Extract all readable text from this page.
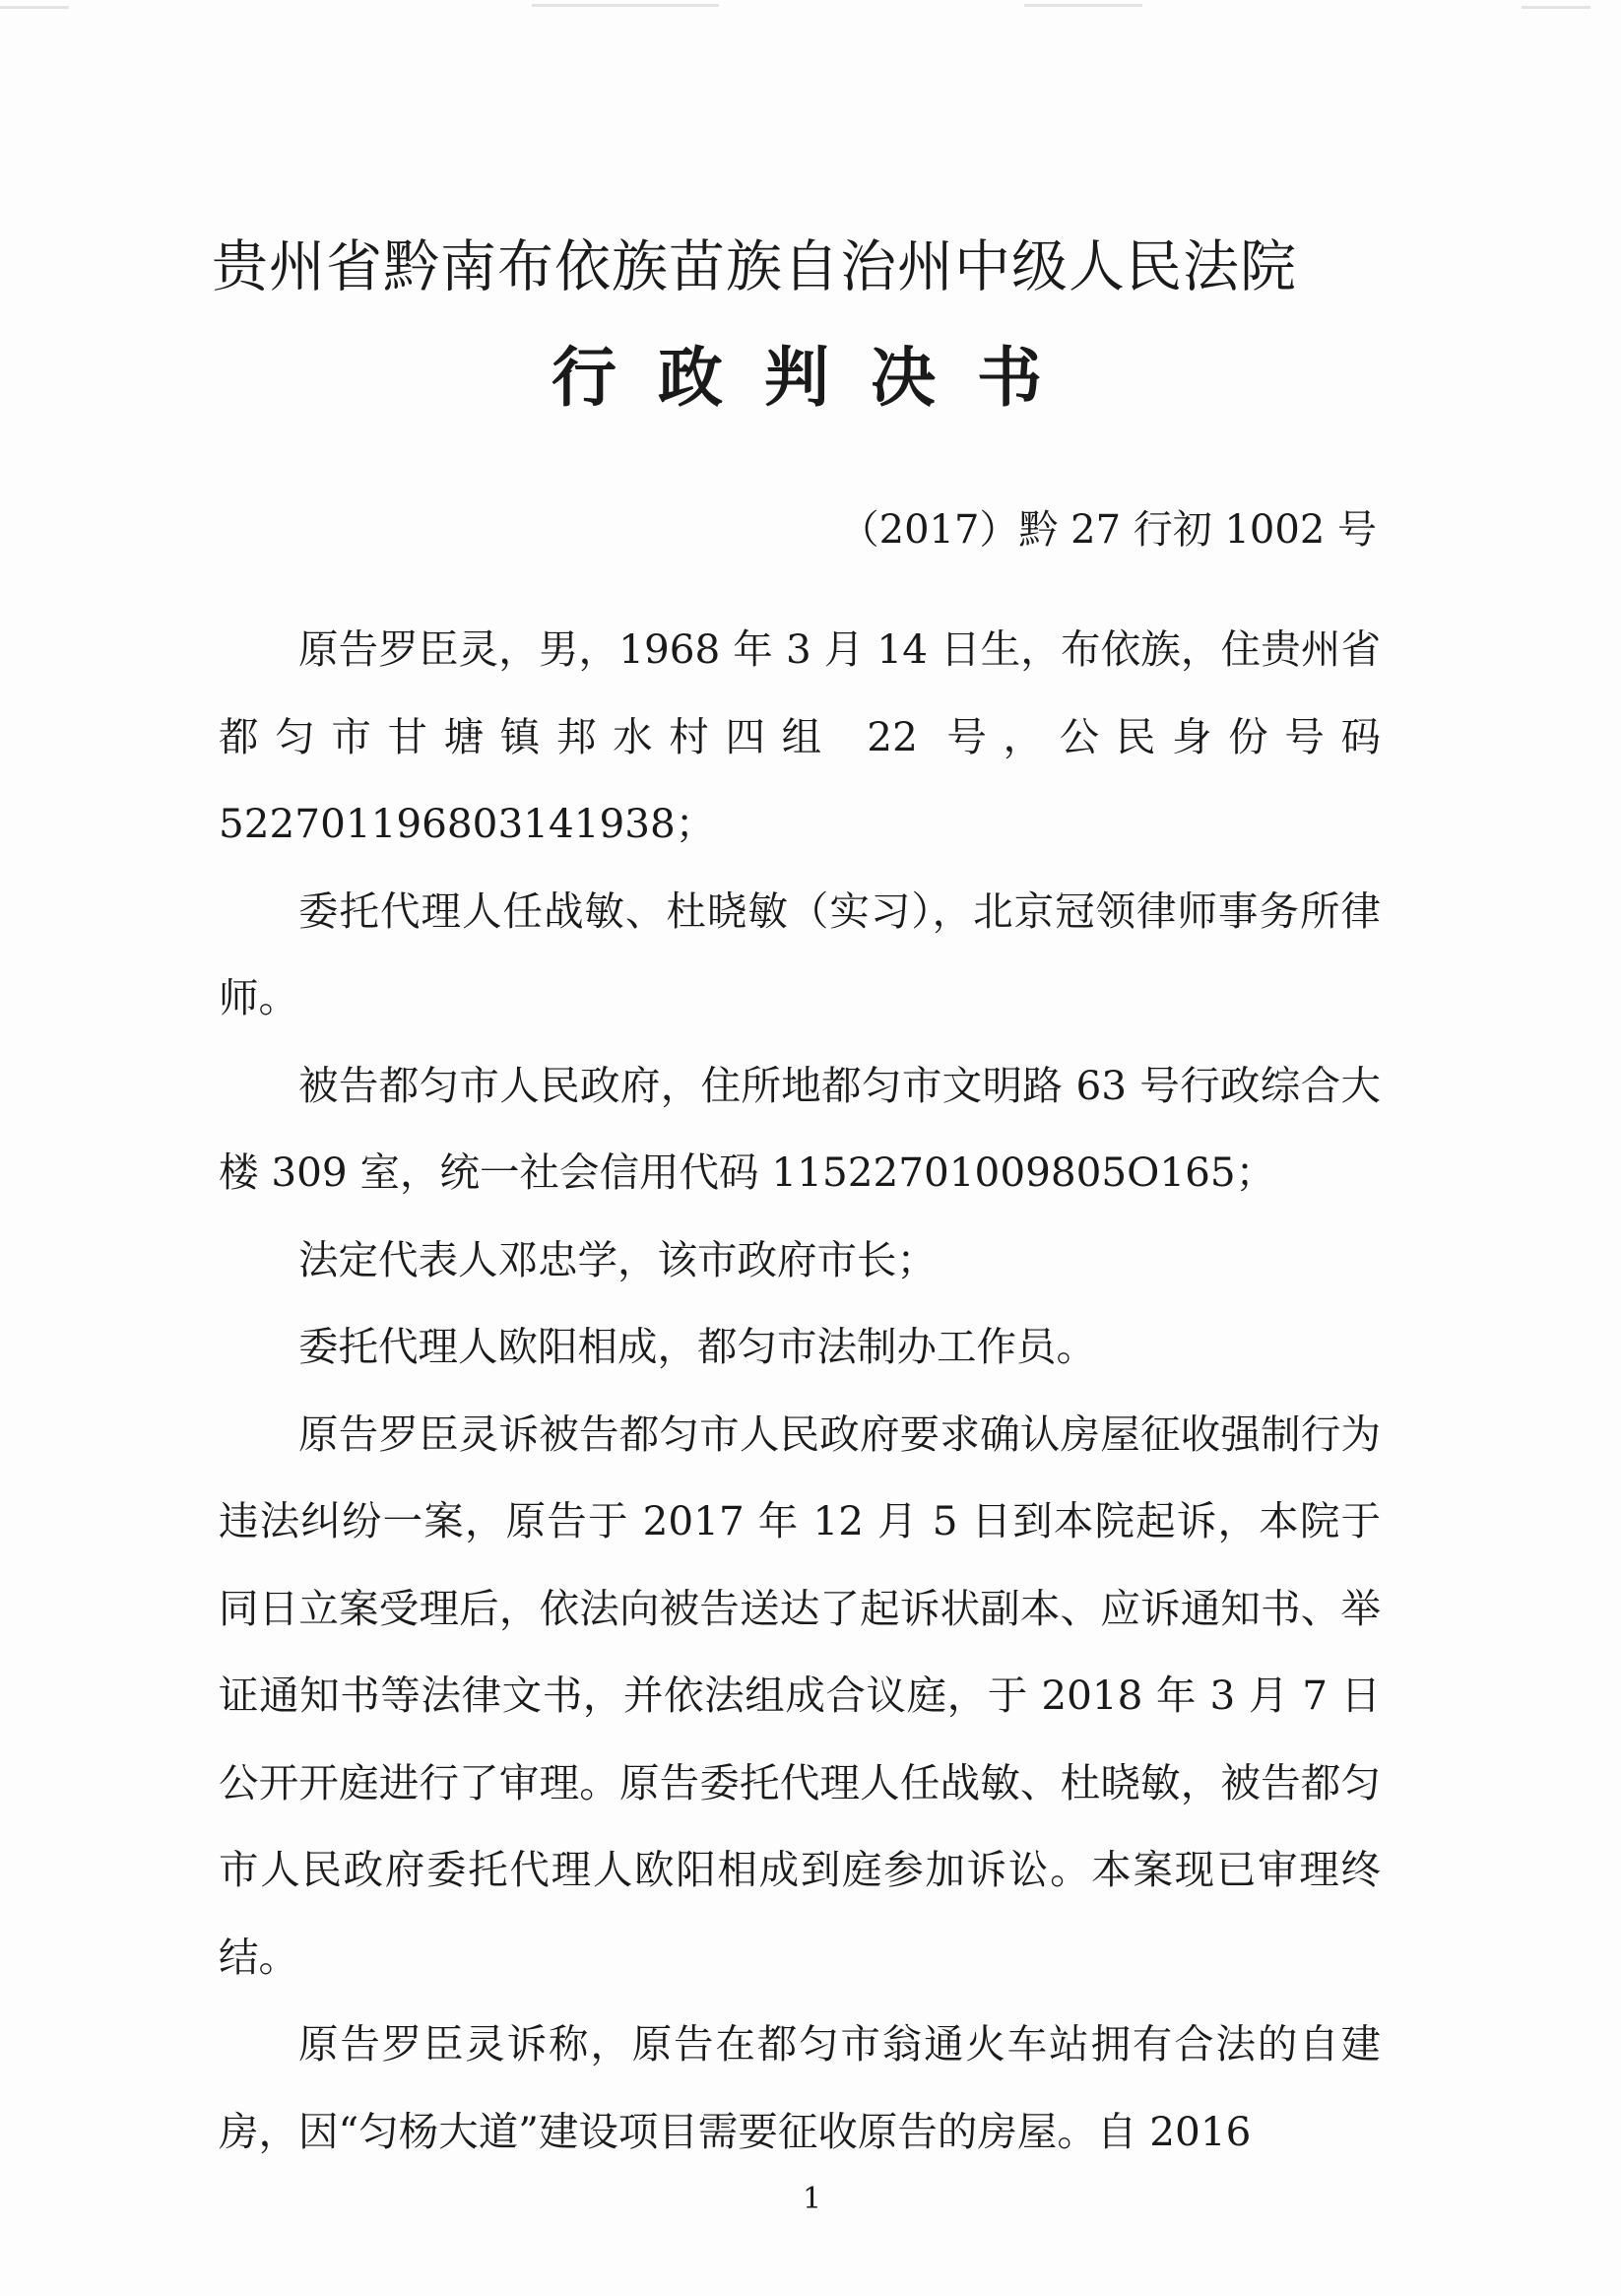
贵州省黔南布依族苗族自治州中级人民法院
行政判决书
（2017）黔 27 行初 1002 号

原告罗臣灵，男，1968 年 3 月 14 日生，布依族，住贵州省都匀市甘塘镇邦水村四组 22 号，公民身份号码522701196803141938；

委托代理人任战敏、杜晓敏（实习），北京冠领律师事务所律师。

被告都匀市人民政府，住所地都匀市文明路 63 号行政综合大楼 309 室，统一社会信用代码 11522701009805O165；

法定代表人邓忠学，该市政府市长；

委托代理人欧阳相成，都匀市法制办工作员。

原告罗臣灵诉被告都匀市人民政府要求确认房屋征收强制行为违法纠纷一案，原告于 2017 年 12 月 5 日到本院起诉，本院于同日立案受理后，依法向被告送达了起诉状副本、应诉通知书、举证通知书等法律文书，并依法组成合议庭，于 2018 年 3 月 7 日公开开庭进行了审理。原告委托代理人任战敏、杜晓敏，被告都匀市人民政府委托代理人欧阳相成到庭参加诉讼。本案现已审理终结。

原告罗臣灵诉称，原告在都匀市翁通火车站拥有合法的自建房，因“匀杨大道”建设项目需要征收原告的房屋。自 2016

1
